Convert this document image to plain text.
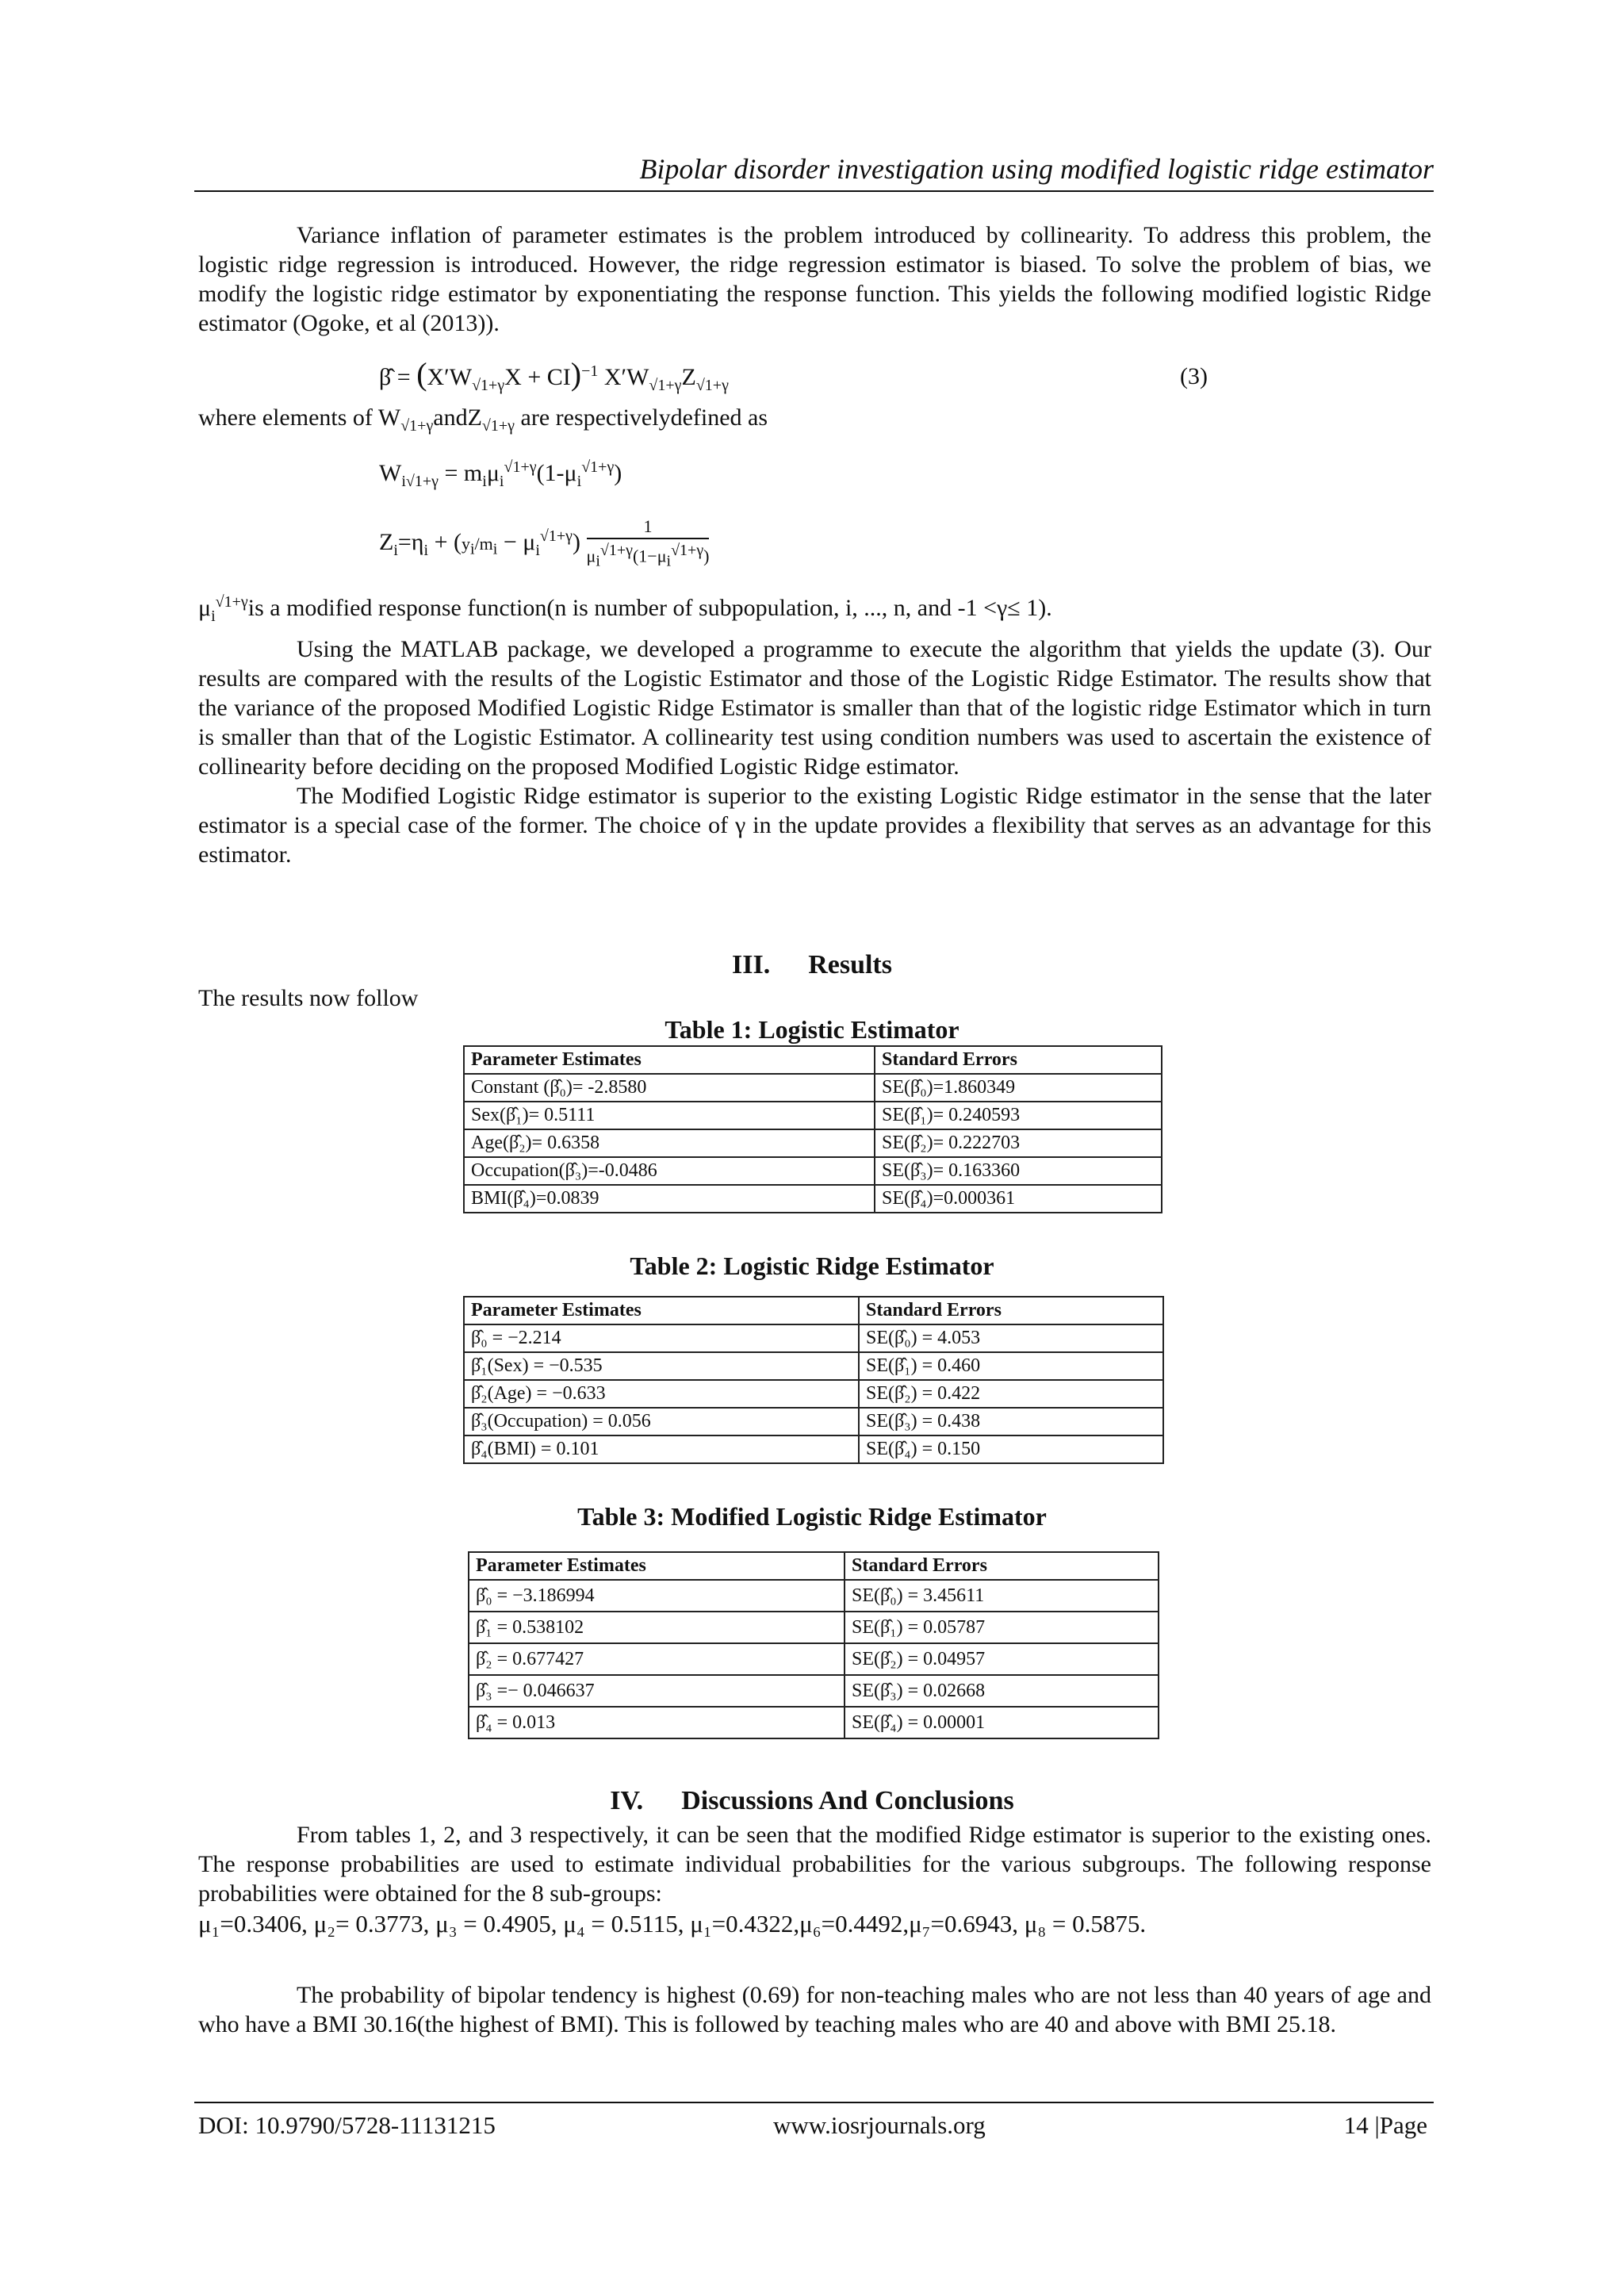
Bipolar disorder investigation using modified logistic ridge estimator

Variance inflation of parameter estimates is the problem introduced by collinearity. To address this problem, the logistic ridge regression is introduced. However, the ridge regression estimator is biased. To solve the problem of bias, we modify the logistic ridge estimator by exponentiating the response function. This yields the following modified logistic Ridge estimator (Ogoke, et al (2013)).

β̂ = $(X'W_{√1+\gamma}X + CI)^{-1}$ $X'W_{√1+\gamma}Z_{√1+\gamma}$	(3)
where elements of $W_{√1+\gamma}andZ_{√1+\gamma}$ are respectivelydefined as
$W_{i√1+\gamma} = m_i\mu_i^{√1+\gamma}(1-\mu_i^{√1+\gamma})$
$Z_i=\eta_i + (y_i/m_i - \mu_i^{√1+\gamma}) \frac{1}{\mu_i^{√1+\gamma}(1-\mu_i^{√1+\gamma})}$
$\mu_i^{√1+\gamma}is$ a modified response function(n is number of subpopulation, i, ..., n, and -1 <γ≤ 1).

Using the MATLAB package, we developed a programme to execute the algorithm that yields the update (3). Our results are compared with the results of the Logistic Estimator and those of the Logistic Ridge Estimator. The results show that the variance of the proposed Modified Logistic Ridge Estimator is smaller than that of the logistic ridge Estimator which in turn is smaller than that of the Logistic Estimator. A collinearity test using condition numbers was used to ascertain the existence of collinearity before deciding on the proposed Modified Logistic Ridge estimator.

The Modified Logistic Ridge estimator is superior to the existing Logistic Ridge estimator in the sense that the later estimator is a special case of the former. The choice of γ in the update provides a flexibility that serves as an advantage for this estimator.

III. Results

The results now follow

Table 1: Logistic Estimator
Parameter Estimates	Standard Errors
Constant (β̂₀)= -2.8580	SE(β̂₀)=1.860349
Sex(β̂₁)= 0.5111	SE(β̂₁)= 0.240593
Age(β̂₂)= 0.6358	SE(β̂₂)= 0.222703
Occupation(β̂₃)=-0.0486	SE(β̂₃)= 0.163360
BMI(β̂₄)=0.0839	SE(β̂₄)=0.000361
Table 2: Logistic Ridge Estimator
Parameter Estimates	Standard Errors
β̂₀ = −2.214	SE(β̂₀) = 4.053
β̂₁(Sex) = −0.535	SE(β̂₁) = 0.460
β̂₂(Age) = −0.633	SE(β̂₂) = 0.422
β̂₃(Occupation) = 0.056	SE(β̂₃) = 0.438
β̂₄(BMI) = 0.101	SE(β̂₄) = 0.150
Table 3: Modified Logistic Ridge Estimator
Parameter Estimates	Standard Errors
β̂₀ = −3.186994	SE(β̂₀) = 3.45611
β̂₁ = 0.538102	SE(β̂₁) = 0.05787
β̂₂ = 0.677427	SE(β̂₂) = 0.04957
β̂₃ =− 0.046637	SE(β̂₃) = 0.02668
β̂₄ = 0.013	SE(β̂₄) = 0.00001
IV. Discussions And Conclusions

From tables 1, 2, and 3 respectively, it can be seen that the modified Ridge estimator is superior to the existing ones. The response probabilities are used to estimate individual probabilities for the various subgroups. The following response probabilities were obtained for the 8 sub-groups:

μ₁=0.3406, μ₂= 0.3773, μ₃ = 0.4905, μ₄ = 0.5115, μ₁=0.4322,μ₆=0.4492,μ₇=0.6943, μ₈ = 0.5875.

The probability of bipolar tendency is highest (0.69) for non-teaching males who are not less than 40 years of age and who have a BMI 30.16(the highest of BMI). This is followed by teaching males who are 40 and above with BMI 25.18.

DOI: 10.9790/5728-11131215	www.iosrjournals.org	14 |Page
